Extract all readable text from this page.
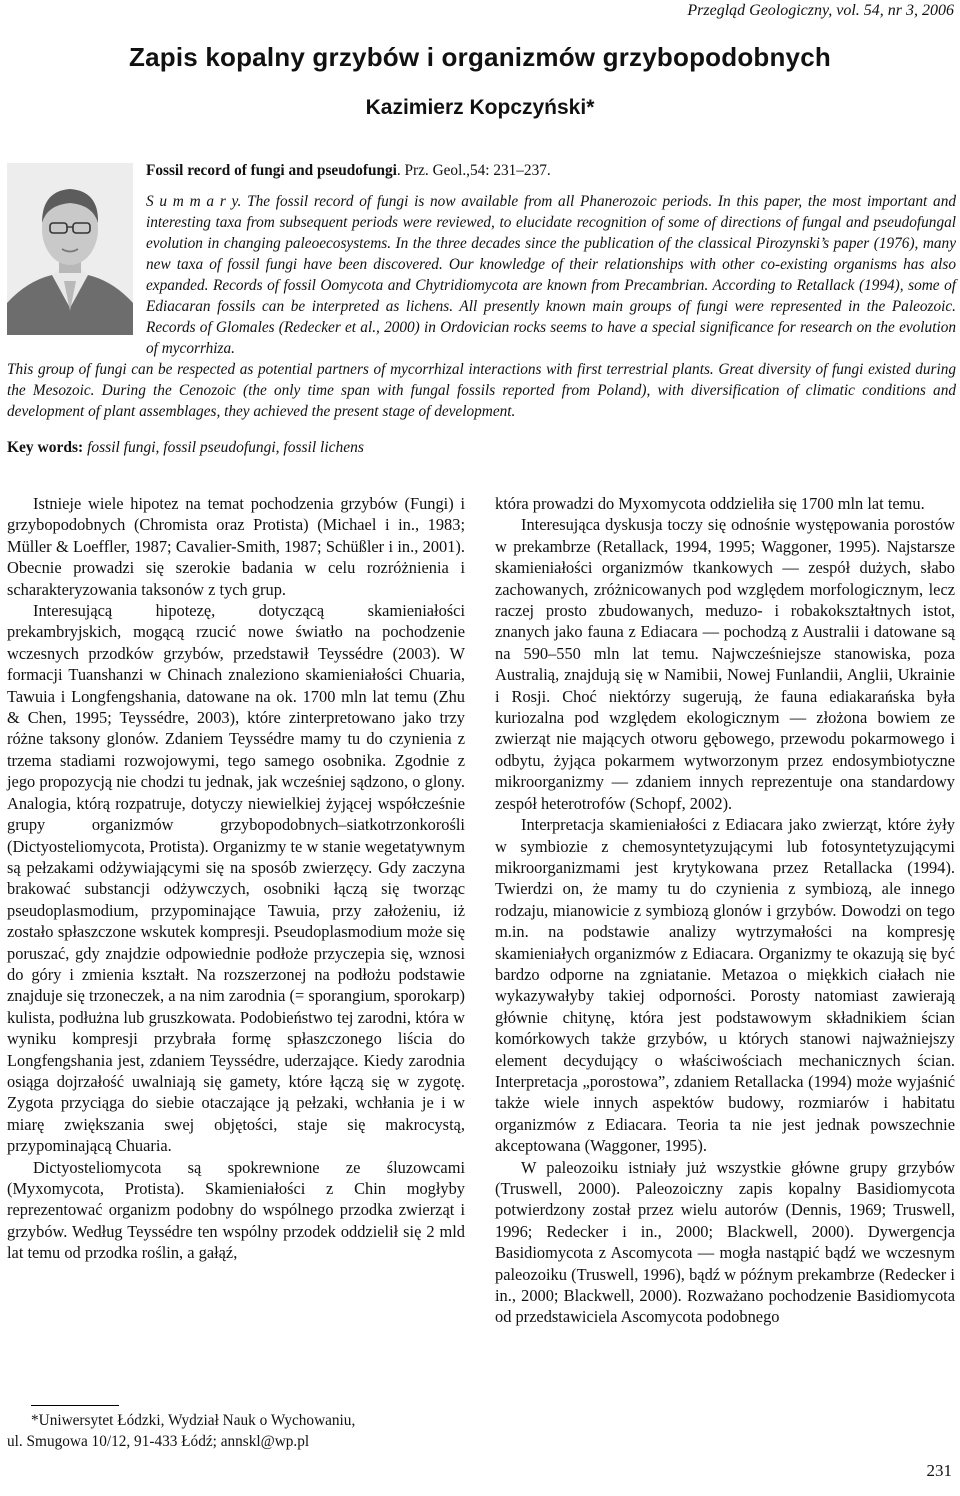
Przegląd Geologiczny, vol. 54, nr 3, 2006
Zapis kopalny grzybów i organizmów grzybopodobnych
Kazimierz Kopczyński*

Fossil record of fungi and pseudofungi. Prz. Geol.,54: 231–237.

S u m m a r y. The fossil record of fungi is now available from all Phanerozoic periods. In this paper, the most important and interesting taxa from subsequent periods were reviewed, to elucidate recognition of some of directions of fungal and pseudofungal evolution in changing paleoecosystems. In the three decades since the publication of the classical Pirozynski’s paper (1976), many new taxa of fossil fungi have been discovered. Our knowledge of their relationships with other co-existing organisms has also expanded. Records of fossil Oomycota and Chytridiomycota are known from Precambrian. According to Retallack (1994), some of Ediacaran fossils can be interpreted as lichens. All presently known main groups of fungi were represented in the Paleozoic. Records of Glomales (Redecker et al., 2000) in Ordovician rocks seems to have a special significance for research on the evolution of mycorrhiza.

This group of fungi can be respected as potential partners of mycorrhizal interactions with first terrestrial plants. Great diversity of fungi existed during the Mesozoic. During the Cenozoic (the only time span with fungal fossils reported from Poland), with diversification of climatic conditions and development of plant assemblages, they achieved the present stage of development.

Key words: fossil fungi, fossil pseudofungi, fossil lichens

Istnieje wiele hipotez na temat pochodzenia grzybów (Fungi) i grzybopodobnych (Chromista oraz Protista) (Michael i in., 1983; Müller & Loeffler, 1987; Cavalier-Smith, 1987; Schüßler i in., 2001). Obecnie prowadzi się szerokie badania w celu rozróżnienia i scharakteryzowania taksonów z tych grup.

Interesującą hipotezę, dotyczącą skamieniałości prekambryjskich, mogącą rzucić nowe światło na pochodzenie wczesnych przodków grzybów, przedstawił Teyssédre (2003). W formacji Tuanshanzi w Chinach znaleziono skamieniałości Chuaria, Tawuia i Longfengshania, datowane na ok. 1700 mln lat temu (Zhu & Chen, 1995; Teyssédre, 2003), które zinterpretowano jako trzy różne taksony glonów. Zdaniem Teyssédre mamy tu do czynienia z trzema stadiami rozwojowymi, tego samego osobnika. Zgodnie z jego propozycją nie chodzi tu jednak, jak wcześniej sądzono, o glony. Analogia, którą rozpatruje, dotyczy niewielkiej żyjącej współcześnie grupy organizmów grzybopodobnych–siatkotrzonkorośli (Dictyosteliomycota, Protista). Organizmy te w stanie wegetatywnym są pełzakami odżywiającymi się na sposób zwierzęcy. Gdy zaczyna brakować substancji odżywczych, osobniki łączą się tworząc pseudoplasmodium, przypominające Tawuia, przy założeniu, iż zostało spłaszczone wskutek kompresji. Pseudoplasmodium może się poruszać, gdy znajdzie odpowiednie podłoże przyczepia się, wznosi do góry i zmienia kształt. Na rozszerzonej na podłożu podstawie znajduje się trzoneczek, a na nim zarodnia (= sporangium, sporokarp) kulista, podłużna lub gruszkowata. Podobieństwo tej zarodni, która w wyniku kompresji przybrała formę spłaszczonego liścia do Longfengshania jest, zdaniem Teyssédre, uderzające. Kiedy zarodnia osiąga dojrzałość uwalniają się gamety, które łączą się w zygotę. Zygota przyciąga do siebie otaczające ją pełzaki, wchłania je i w miarę zwiększania swej objętości, staje się makrocystą, przypominającą Chuaria.

Dictyosteliomycota są spokrewnione ze śluzowcami (Myxomycota, Protista). Skamieniałości z Chin mogłyby reprezentować organizm podobny do wspólnego przodka zwierząt i grzybów. Według Teyssédre ten wspólny przodek oddzielił się 2 mld lat temu od przodka roślin, a gałąź,

która prowadzi do Myxomycota oddzieliła się 1700 mln lat temu.

Interesująca dyskusja toczy się odnośnie występowania porostów w prekambrze (Retallack, 1994, 1995; Waggoner, 1995). Najstarsze skamieniałości organizmów tkankowych — zespół dużych, słabo zachowanych, zróżnicowanych pod względem morfologicznym, lecz raczej prosto zbudowanych, meduzo- i robakokształtnych istot, znanych jako fauna z Ediacara — pochodzą z Australii i datowane są na 590–550 mln lat temu. Najwcześniejsze stanowiska, poza Australią, znajdują się w Namibii, Nowej Funlandii, Anglii, Ukrainie i Rosji. Choć niektórzy sugerują, że fauna ediakarańska była kuriozalna pod względem ekologicznym — złożona bowiem ze zwierząt nie mających otworu gębowego, przewodu pokarmowego i odbytu, żyjąca pokarmem wytworzonym przez endosymbiotyczne mikroorganizmy — zdaniem innych reprezentuje ona standardowy zespół heterotrofów (Schopf, 2002).

Interpretacja skamieniałości z Ediacara jako zwierząt, które żyły w symbiozie z chemosyntetyzującymi lub fotosyntetyzującymi mikroorganizmami jest krytykowana przez Retallacka (1994). Twierdzi on, że mamy tu do czynienia z symbiozą, ale innego rodzaju, mianowicie z symbiozą glonów i grzybów. Dowodzi on tego m.in. na podstawie analizy wytrzymałości na kompresję skamieniałych organizmów z Ediacara. Organizmy te okazują się być bardzo odporne na zgniatanie. Metazoa o miękkich ciałach nie wykazywałyby takiej odporności. Porosty natomiast zawierają głównie chitynę, która jest podstawowym składnikiem ścian komórkowych także grzybów, u których stanowi najważniejszy element decydujący o właściwościach mechanicznych ścian. Interpretacja „porostowa”, zdaniem Retallacka (1994) może wyjaśnić także wiele innych aspektów budowy, rozmiarów i habitatu organizmów z Ediacara. Teoria ta nie jest jednak powszechnie akceptowana (Waggoner, 1995).

W paleozoiku istniały już wszystkie główne grupy grzybów (Truswell, 2000). Paleozoiczny zapis kopalny Basidiomycota potwierdzony został przez wielu autorów (Dennis, 1969; Truswell, 1996; Redecker i in., 2000; Blackwell, 2000). Dywergencja Basidiomycota z Ascomycota — mogła nastąpić bądź we wczesnym paleozoiku (Truswell, 1996), bądź w późnym prekambrze (Redecker i in., 2000; Blackwell, 2000). Rozważano pochodzenie Basidiomycota od przedstawiciela Ascomycota podobnego

*Uniwersytet Łódzki, Wydział Nauk o Wychowaniu,
ul. Smugowa 10/12, 91-433 Łódź; annskl@wp.pl
231
